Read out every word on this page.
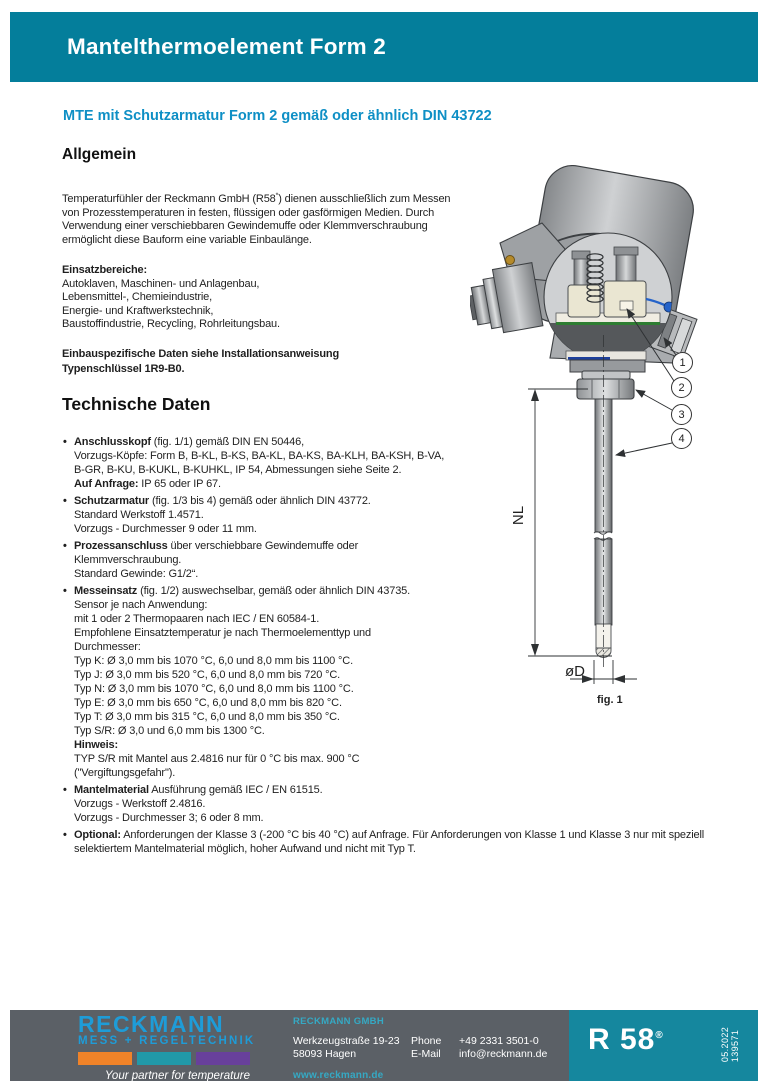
Mantelthermoelement Form 2
MTE mit Schutzarmatur Form 2 gemäß oder ähnlich DIN 43722
Allgemein
Temperaturfühler der Reckmann GmbH (R58*) dienen ausschließlich zum Messen
von Prozesstemperaturen in festen, flüssigen oder gasförmigen Medien. Durch
Verwendung einer verschiebbaren Gewindemuffe oder Klemmverschraubung
ermöglicht diese Bauform eine variable Einbaulänge.
Einsatzbereiche:
Autoklaven, Maschinen- und Anlagenbau,
Lebensmittel-, Chemieindustrie,
Energie- und Kraftwerkstechnik,
Baustoffindustrie, Recycling, Rohrleitungsbau.
Einbauspezifische Daten siehe Installationsanweisung
Typenschlüssel 1R9-B0.
Technische Daten
• Anschlusskopf (fig. 1/1) gemäß DIN EN 50446,
Vorzugs-Köpfe: Form B, B-KL, B-KS, BA-KL, BA-KS, BA-KLH, BA-KSH, B-VA,
B-GR, B-KU, B-KUKL, B-KUHKL, IP 54, Abmessungen siehe Seite 2.
Auf Anfrage: IP 65 oder IP 67.
• Schutzarmatur (fig. 1/3 bis 4) gemäß oder ähnlich DIN 43772.
Standard Werkstoff 1.4571.
Vorzugs - Durchmesser 9 oder 11 mm.
• Prozessanschluss über verschiebbare Gewindemuffe oder
Klemmverschraubung.
Standard Gewinde: G1/2“.
• Messeinsatz (fig. 1/2) auswechselbar, gemäß oder ähnlich DIN 43735.
Sensor je nach Anwendung:
mit 1 oder 2 Thermopaaren nach IEC / EN 60584-1.
Empfohlene Einsatztemperatur je nach Thermoelementtyp und
Durchmesser:
Typ K: Ø 3,0 mm bis 1070 °C, 6,0 und 8,0 mm bis 1100 °C.
Typ J: Ø 3,0 mm bis 520 °C, 6,0 und 8,0 mm bis 720 °C.
Typ N: Ø 3,0 mm bis 1070 °C, 6,0 und 8,0 mm bis 1100 °C.
Typ E: Ø 3,0 mm bis 650 °C, 6,0 und 8,0 mm bis 820 °C.
Typ T: Ø 3,0 mm bis 315 °C, 6,0 und 8,0 mm bis 350 °C.
Typ S/R: Ø 3,0 und 6,0 mm bis 1300 °C.
Hinweis:
TYP S/R mit Mantel aus 2.4816 nur für 0 °C bis max. 900 °C
("Vergiftungsgefahr").
• Mantelmaterial Ausführung gemäß IEC / EN 61515.
Vorzugs - Werkstoff 2.4816.
Vorzugs - Durchmesser 3; 6 oder 8 mm.
• Optional: Anforderungen der Klasse 3 (-200 °C bis 40 °C) auf Anfrage. Für Anforderungen von Klasse 1 und Klasse 3 nur mit speziell
selektiertem Mantelmaterial möglich, hoher Aufwand und nicht mit Typ T.
1
2
3
4
NL
øD
fig. 1
RECKMANN
MESS + REGELTECHNIK
Your partner for temperature
RECKMANN GMBH
Werkzeugstraße 19-23	Phone	+49 2331 3501-0
58093 Hagen	E-Mail	info@reckmann.de
www.reckmann.de
R 58®	05.2022 139571
